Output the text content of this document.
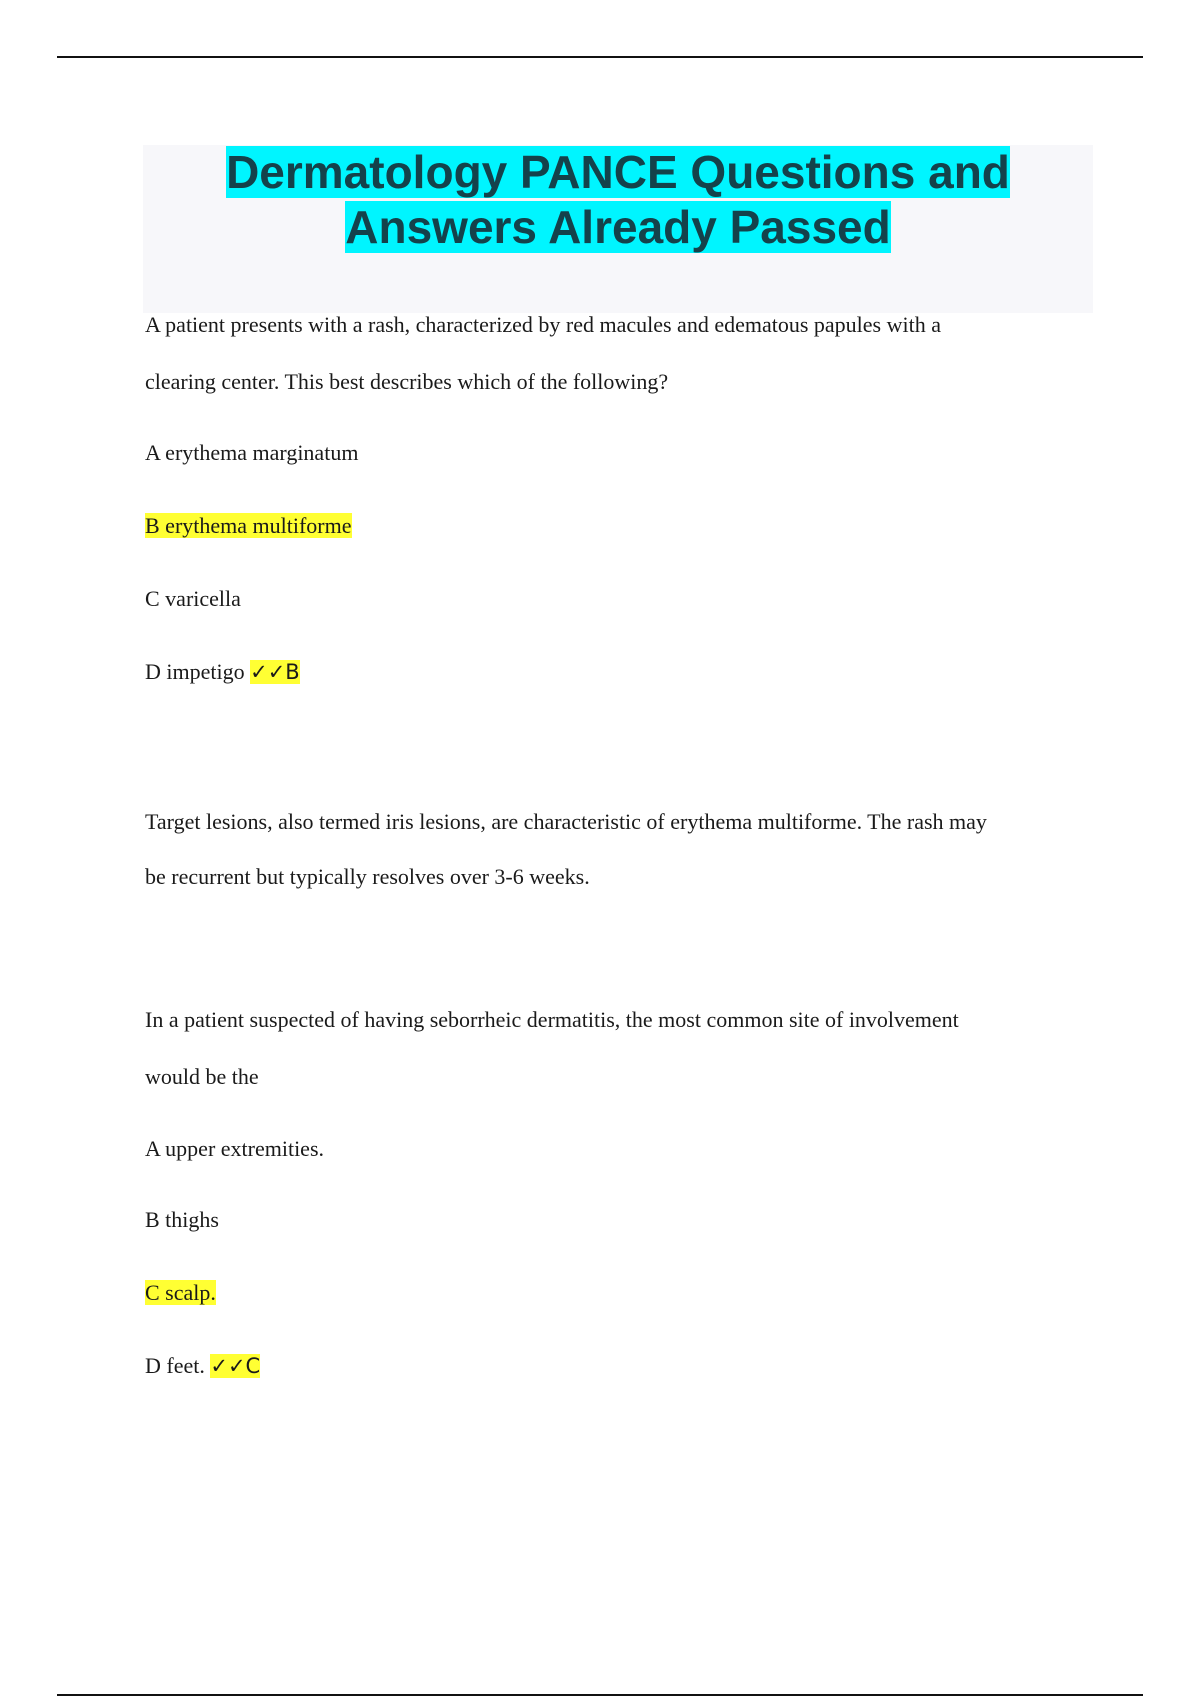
Dermatology PANCE Questions and
Answers Already Passed

A patient presents with a rash, characterized by red macules and edematous papules with a

clearing center. This best describes which of the following?

A erythema marginatum

B erythema multiforme

C varicella

D impetigo ✓✓B

Target lesions, also termed iris lesions, are characteristic of erythema multiforme. The rash may

be recurrent but typically resolves over 3-6 weeks.

In a patient suspected of having seborrheic dermatitis, the most common site of involvement

would be the

A upper extremities.

B thighs

C scalp.

D feet. ✓✓C
